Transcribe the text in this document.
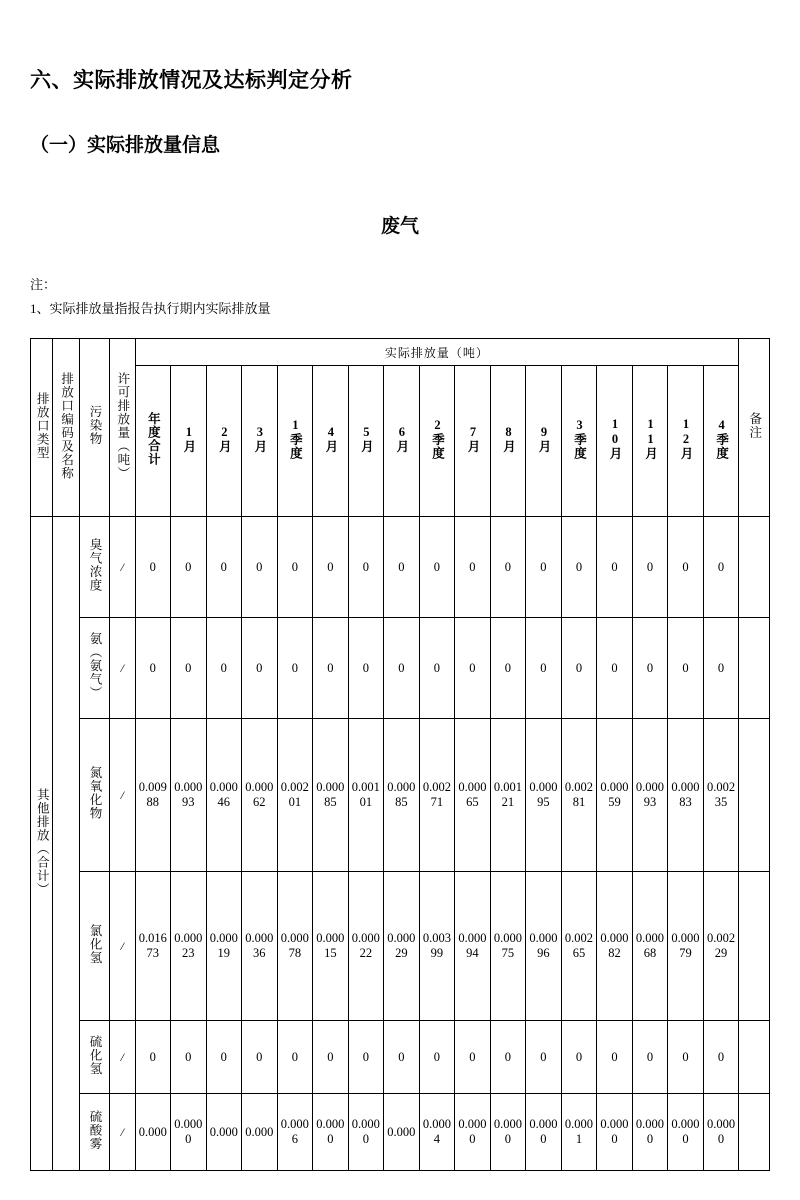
六、实际排放情况及达标判定分析
（一）实际排放量信息
废气
注：
1、实际排放量指报告执行期内实际排放量
排放口类型	排放口编码及名称	污染物	许可排放量（吨）	实际排放量（吨）																	备注
				年度合计	1月	2月	3月	1季度	4月	5月	6月	2季度	7月	8月	9月	3季度	10月	11月	12月	4季度	
其他排放（合计）		臭气浓度	/	0	0	0	0	0	0	0	0	0	0	0	0	0	0	0	0	0	

		氨（氨气）	/	0	0	0	0	0	0	0	0	0	0	0	0	0	0	0	0	0	

		氮氧化物	/	0.00988	0.00093	0.00046	0.00062	0.00201	0.00085	0.00101	0.00085	0.00271	0.00065	0.00121	0.00095	0.00281	0.00059	0.00093	0.00083	0.00235	

		氯化氢	/	0.01673	0.00023	0.00019	0.00036	0.00078	0.00015	0.00022	0.00029	0.00399	0.00094	0.00075	0.00096	0.00265	0.00082	0.00068	0.00079	0.00229	

		硫化氢	/	0	0	0	0	0	0	0	0	0	0	0	0	0	0	0	0	0	

		硫酸雾	/	0.000	0.0000	0.000	0.000	0.0006	0.0000	0.0000	0.000	0.0004	0.0000	0.0000	0.0000	0.0001	0.0000	0.0000	0.0000	0.0000	
